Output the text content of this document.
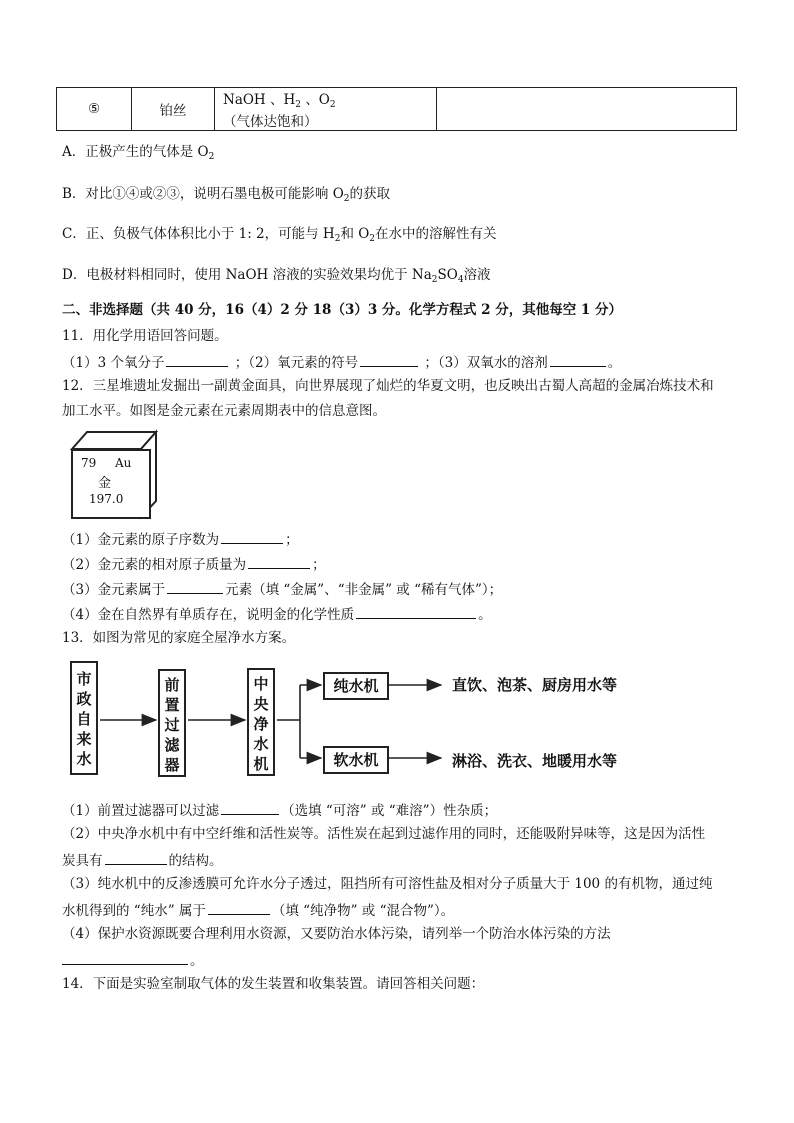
⑤	铂丝	NaOH 、$H_2$ 、$O_2$（气体达饱和）	
A．正极产生的气体是 $O_2$
B．对比①④或②③，说明石墨电极可能影响 $O_2$的获取
C．正、负极气体体积比小于 1: 2，可能与 $H_2$和 $O_2$在水中的溶解性有关
D．电极材料相同时，使用 NaOH 溶液的实验效果均优于 $Na_2SO_4$溶液
二、非选择题（共 40 分，16（4）2 分 18（3）3 分。化学方程式 2 分，其他每空 1 分）
11．用化学用语回答问题。
（1）3 个氧分子	；（2）氧元素的符号	；（3）双氧水的溶剂	。
12．三星堆遗址发掘出一副黄金面具，向世界展现了灿烂的华夏文明，也反映出古蜀人高超的金属冶炼技术和
加工水平。如图是金元素在元素周期表中的信息意图。
79 Au
金
197.0
（1）金元素的原子序数为	；
（2）金元素的相对原子质量为	；
（3）金元素属于	元素（填 “金属”、“非金属” 或 “稀有气体”）；
（4）金在自然界有单质存在，说明金的化学性质	。
13．如图为常见的家庭全屋净水方案。
市政自来水
前置过滤器
中央净水机
纯水机
软水机
直饮、泡茶、厨房用水等
淋浴、洗衣、地暖用水等
（1）前置过滤器可以过滤	（选填 “可溶” 或 “难溶”）性杂质；
（2）中央净水机中有中空纤维和活性炭等。活性炭在起到过滤作用的同时，还能吸附异味等，这是因为活性
炭具有	的结构。
（3）纯水机中的反渗透膜可允许水分子透过，阻挡所有可溶性盐及相对分子质量大于 100 的有机物，通过纯
水机得到的 “纯水” 属于	（填 “纯净物” 或 “混合物”）。
（4）保护水资源既要合理利用水资源，又要防治水体污染，请列举一个防治水体污染的方法
。
14．下面是实验室制取气体的发生装置和收集装置。请回答相关问题：
